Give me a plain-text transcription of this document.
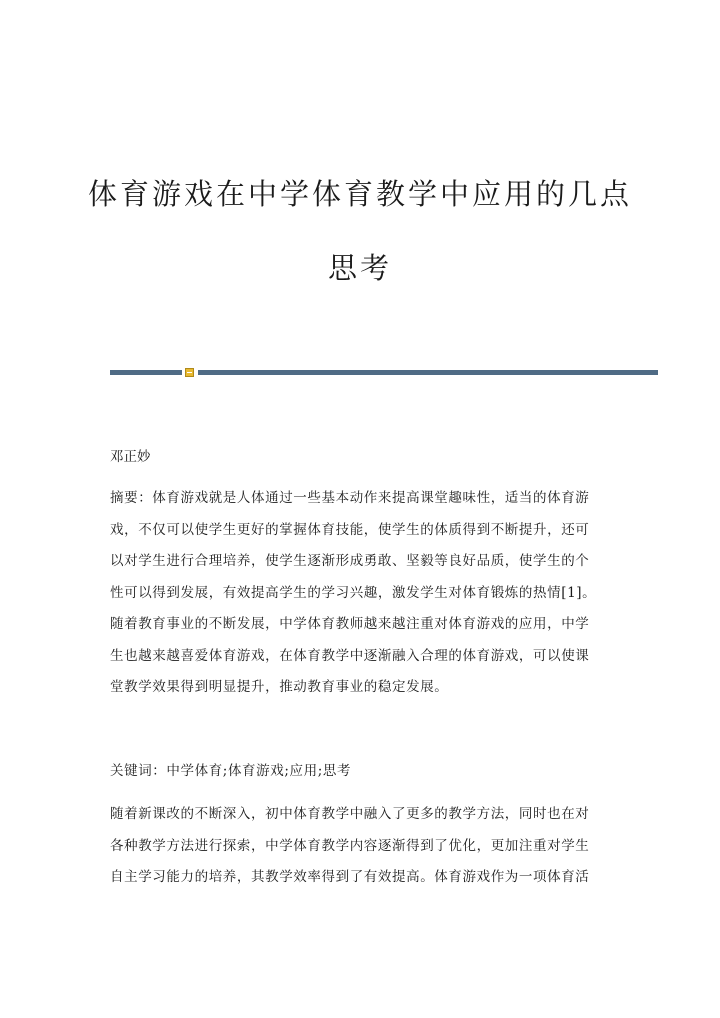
体育游戏在中学体育教学中应用的几点
思考

邓正妙

摘要：体育游戏就是人体通过一些基本动作来提高课堂趣味性，适当的体育游
戏，不仅可以使学生更好的掌握体育技能，使学生的体质得到不断提升，还可
以对学生进行合理培养，使学生逐渐形成勇敢、坚毅等良好品质，使学生的个
性可以得到发展，有效提高学生的学习兴趣，激发学生对体育锻炼的热情[1]。
随着教育事业的不断发展，中学体育教师越来越注重对体育游戏的应用，中学
生也越来越喜爱体育游戏，在体育教学中逐渐融入合理的体育游戏，可以使课
堂教学效果得到明显提升，推动教育事业的稳定发展。
关键词：中学体育;体育游戏;应用;思考
随着新课改的不断深入，初中体育教学中融入了更多的教学方法，同时也在对
各种教学方法进行探索，中学体育教学内容逐渐得到了优化，更加注重对学生
自主学习能力的培养，其教学效率得到了有效提高。体育游戏作为一项体育活
